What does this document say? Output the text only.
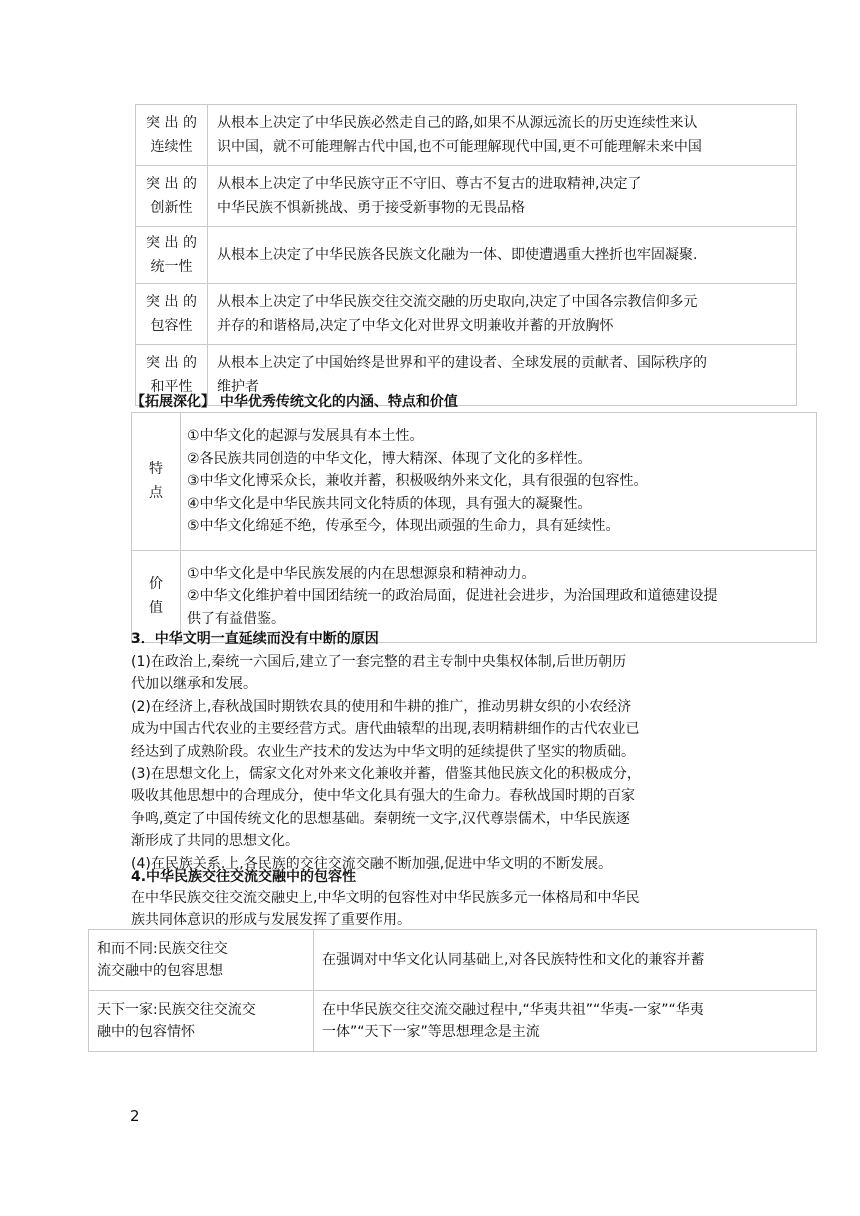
突 出 的
连续性	从根本上决定了中华民族必然走自己的路,如果不从源远流长的历史连续性来认
识中国，就不可能理解古代中国,也不可能理解现代中国,更不可能理解未来中国

突 出 的
创新性	从根本上决定了中华民族守正不守旧、尊古不复古的进取精神,决定了
中华民族不惧新挑战、勇于接受新事物的无畏品格

突 出 的
统一性	从根本上决定了中华民族各民族文化融为一体、即使遭遇重大挫折也牢固凝聚.

突 出 的
包容性	从根本上决定了中华民族交往交流交融的历史取向,决定了中国各宗教信仰多元
并存的和谐格局,决定了中华文化对世界文明兼收并蓄的开放胸怀

突 出 的
和平性	从根本上决定了中国始终是世界和平的建设者、全球发展的贡献者、国际秩序的
维护者
【拓展深化】 中华优秀传统文化的内涵、特点和价值
特
点	①中华文化的起源与发展具有本土性。
②各民族共同创造的中华文化，博大精深、体现了文化的多样性。
③中华文化博采众长，兼收并蓄，积极吸纳外来文化，具有很强的包容性。
④中华文化是中华民族共同文化特质的体现，具有强大的凝聚性。
⑤中华文化绵延不绝，传承至今，体现出顽强的生命力，具有延续性。

价
值	①中华文化是中华民族发展的内在思想源泉和精神动力。
②中华文化维护着中国团结统一的政治局面，促进社会进步，为治国理政和道德建设提
供了有益借鉴。
3．中华文明一直延续而没有中断的原因
(1)在政治上,秦统一六国后,建立了一套完整的君主专制中央集权体制,后世历朝历
代加以继承和发展。
(2)在经济上,春秋战国时期铁农具的使用和牛耕的推广，推动男耕女织的小农经济
成为中国古代农业的主要经营方式。唐代曲辕犁的出现,表明精耕细作的古代农业已
经达到了成熟阶段。农业生产技术的发达为中华文明的延续提供了坚实的物质础。
(3)在思想文化上，儒家文化对外来文化兼收并蓄，借鉴其他民族文化的积极成分，
吸收其他思想中的合理成分，使中华文化具有强大的生命力。春秋战国时期的百家
争鸣,奠定了中国传统文化的思想基础。秦朝统一文字,汉代尊崇儒术，中华民族逐
渐形成了共同的思想文化。
(4)在民族关系.上,各民族的交往交流交融不断加强,促进中华文明的不断发展。
4.中华民族交往交流交融中的包容性
在中华民族交往交流交融史上,中华文明的包容性对中华民族多元一体格局和中华民
族共同体意识的形成与发展发挥了重要作用。
和而不同:民族交往交
流交融中的包容思想	在强调对中华文化认同基础上,对各民族特性和文化的兼容并蓄

天下一家:民族交往交流交
融中的包容情怀	在中华民族交往交流交融过程中,“华夷共祖”“华夷-一家”“华夷
一体”“天下一家”等思想理念是主流
2
